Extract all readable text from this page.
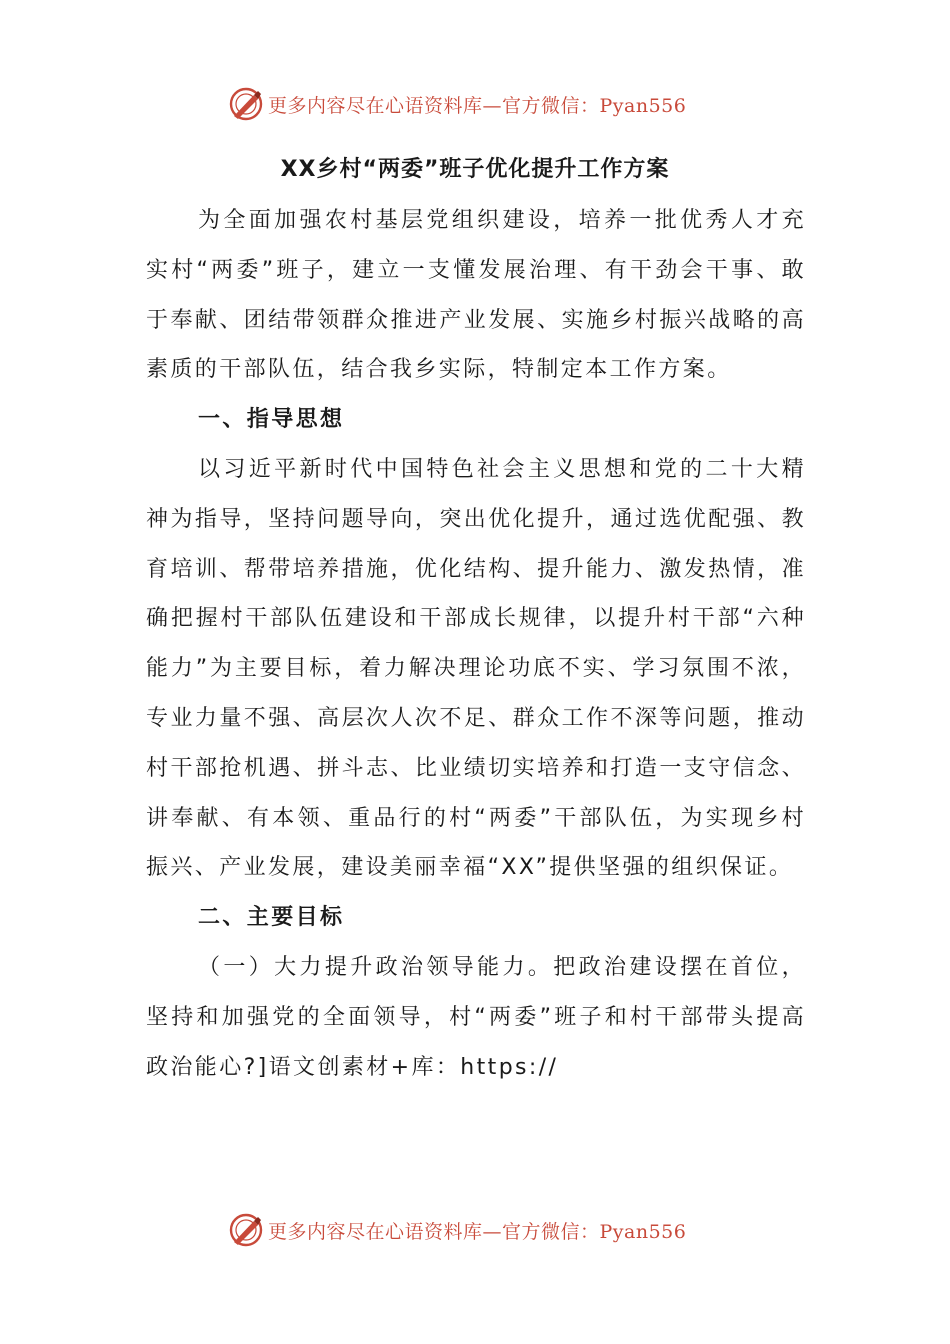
更多内容尽在心语资料库—官方微信：Pyan556
XX乡村“两委”班子优化提升工作方案

为全面加强农村基层党组织建设，培养一批优秀人才充实村“两委”班子，建立一支懂发展治理、有干劲会干事、敢于奉献、团结带领群众推进产业发展、实施乡村振兴战略的高素质的干部队伍，结合我乡实际，特制定本工作方案。

一、指导思想

以习近平新时代中国特色社会主义思想和党的二十大精神为指导，坚持问题导向，突出优化提升，通过选优配强、教育培训、帮带培养措施，优化结构、提升能力、激发热情，准确把握村干部队伍建设和干部成长规律，以提升村干部“六种能力”为主要目标，着力解决理论功底不实、学习氛围不浓，专业力量不强、高层次人次不足、群众工作不深等问题，推动村干部抢机遇、拼斗志、比业绩切实培养和打造一支守信念、讲奉献、有本领、重品行的村“两委”干部队伍，为实现乡村振兴、产业发展，建设美丽幸福“XX”提供坚强的组织保证。

二、主要目标

（一）大力提升政治领导能力。把政治建设摆在首位，坚持和加强党的全面领导，村“两委”班子和村干部带头提高政治能心?]语文创素材+库：https://

更多内容尽在心语资料库—官方微信：Pyan556
